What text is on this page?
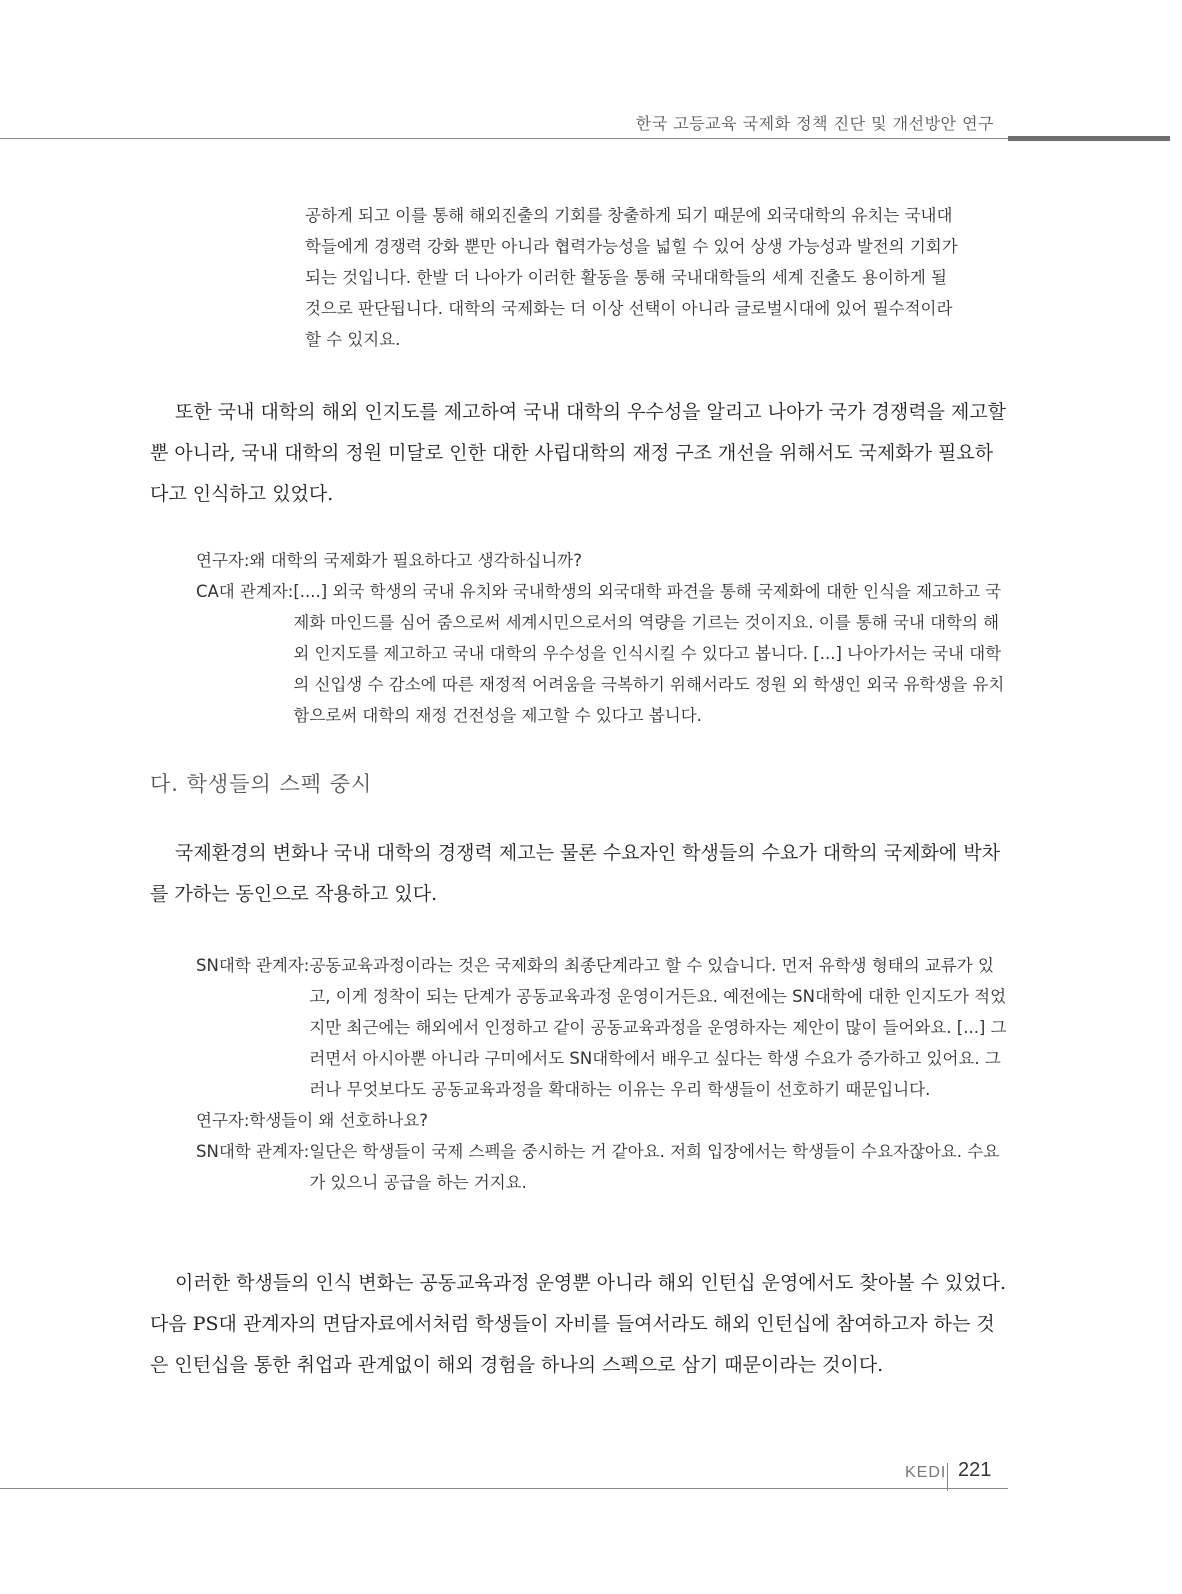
한국 고등교육 국제화 정책 진단 및 개선방안 연구

공하게 되고 이를 통해 해외진출의 기회를 창출하게 되기 때문에 외국대학의 유치는 국내대

학들에게 경쟁력 강화 뿐만 아니라 협력가능성을 넓힐 수 있어 상생 가능성과 발전의 기회가

되는 것입니다. 한발 더 나아가 이러한 활동을 통해 국내대학들의 세계 진출도 용이하게 될

것으로 판단됩니다. 대학의 국제화는 더 이상 선택이 아니라 글로벌시대에 있어 필수적이라

할 수 있지요.

또한 국내 대학의 해외 인지도를 제고하여 국내 대학의 우수성을 알리고 나아가 국가 경쟁력을 제고할 뿐 아니라, 국내 대학의 정원 미달로 인한 대한 사립대학의 재정 구조 개선을 위해서도 국제화가 필요하다고 인식하고 있었다.

연구자: 왜 대학의 국제화가 필요하다고 생각하십니까?
CA대 관계자: [....] 외국 학생의 국내 유치와 국내학생의 외국대학 파견을 통해 국제화에 대한 인식을 제고하고 국제화 마인드를 심어 줌으로써 세계시민으로서의 역량을 기르는 것이지요. 이를 통해 국내 대학의 해외 인지도를 제고하고 국내 대학의 우수성을 인식시킬 수 있다고 봅니다. [...] 나아가서는 국내 대학의 신입생 수 감소에 따른 재정적 어려움을 극복하기 위해서라도 정원 외 학생인 외국 유학생을 유치함으로써 대학의 재정 건전성을 제고할 수 있다고 봅니다.
다. 학생들의 스펙 중시

국제환경의 변화나 국내 대학의 경쟁력 제고는 물론 수요자인 학생들의 수요가 대학의 국제화에 박차를 가하는 동인으로 작용하고 있다.

SN대학 관계자: 공동교육과정이라는 것은 국제화의 최종단계라고 할 수 있습니다. 먼저 유학생 형태의 교류가 있고, 이게 정착이 되는 단계가 공동교육과정 운영이거든요. 예전에는 SN대학에 대한 인지도가 적었지만 최근에는 해외에서 인정하고 같이 공동교육과정을 운영하자는 제안이 많이 들어와요. [...] 그러면서 아시아뿐 아니라 구미에서도 SN대학에서 배우고 싶다는 학생 수요가 증가하고 있어요. 그러나 무엇보다도 공동교육과정을 확대하는 이유는 우리 학생들이 선호하기 때문입니다.
연구자: 학생들이 왜 선호하나요?
SN대학 관계자: 일단은 학생들이 국제 스펙을 중시하는 거 같아요. 저희 입장에서는 학생들이 수요자잖아요. 수요가 있으니 공급을 하는 거지요.

이러한 학생들의 인식 변화는 공동교육과정 운영뿐 아니라 해외 인턴십 운영에서도 찾아볼 수 있었다. 다음 PS대 관계자의 면담자료에서처럼 학생들이 자비를 들여서라도 해외 인턴십에 참여하고자 하는 것은 인턴십을 통한 취업과 관계없이 해외 경험을 하나의 스펙으로 삼기 때문이라는 것이다.

KEDI 221
